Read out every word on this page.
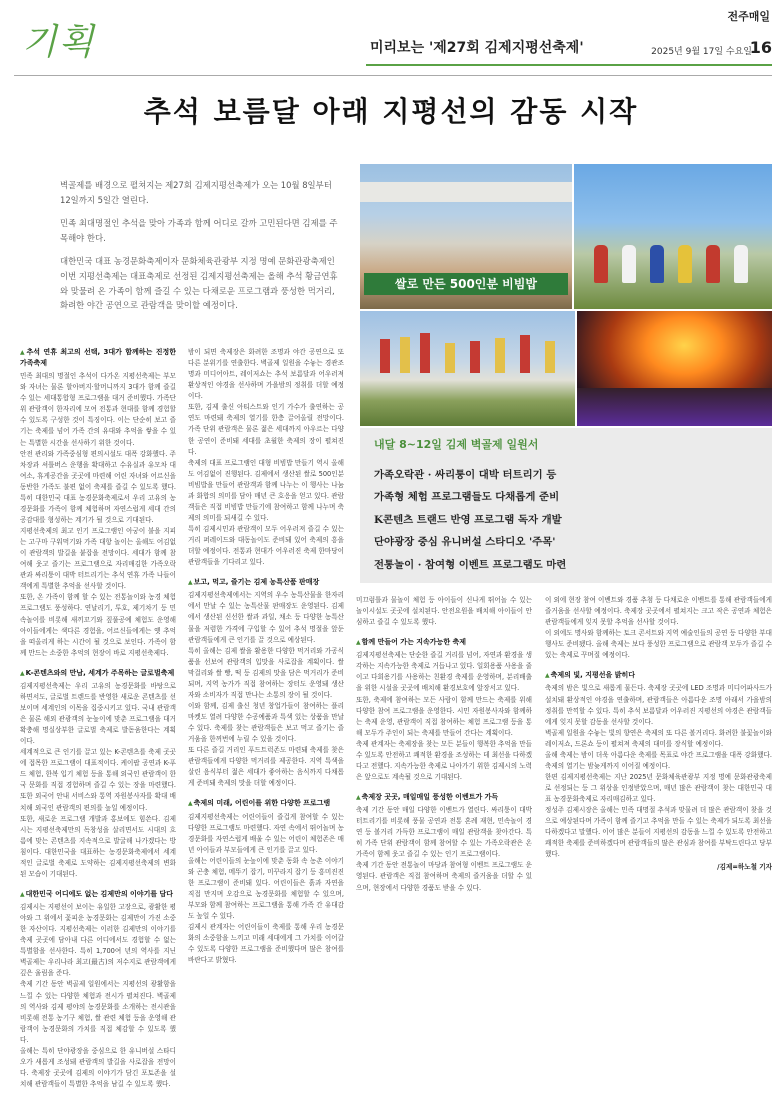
기획
전주매일
미리보는 '제27회 김제지평선축제'	2025년 9월 17일 수요일
16
추석 보름달 아래 지평선의 감동 시작

벽골제를 배경으로 펼쳐지는 제27회 김제지평선축제가 오는 10월 8일부터 12일까지 5일간 열린다.

민족 최대명절인 추석을 맞아 가족과 함께 어디로 갈까 고민된다면 김제를 주목해야 한다.

대한민국 대표 농경문화축제이자 문화체육관광부 지정 명예 문화관광축제인 이번 지평선축제는 대표축제로 선정된 김제지평선축제는 올해 추석 황금연휴와 맞물려 온 가족이 함께 즐길 수 있는 다채로운 프로그램과 풍성한 먹거리, 화려한 야간 공연으로 관람객을 맞이할 예정이다.

쌀로 만든 500인분 비빔밥
내달 8~12일 김제 벽골제 일원서
가족오락관 · 싸리퉁이 대박 터트리기 등
가족형 체험 프로그램들도 다채롭게 준비
K콘텐츠 트랜드 반영 프로그램 독자 개발
단야광장 중심 유니버설 스타디오 '주목'
전통놀이 · 참여형 이벤트 프로그램도 마련
▲ 추석 연휴 최고의 선택, 3대가 함께하는 진정한 가족축제
민족 최대의 명절인 추석이 다가온 지평선축제는 부모와 자녀는 물론 할아버지·할머니까지 3대가 함께 즐길 수 있는 세대통합형 프로그램을 대거 준비했다. 가족단위 관람객이 한자리에 모여 전통과 현대를 함께 경험할 수 있도록 구성한 것이 특징이다. 이는 단순히 보고 즐기는 축제를 넘어 가족 간의 유대와 추억을 쌓을 수 있는 특별한 시간을 선사하기 위한 것이다.
안전 관리와 가족중심형 편의시설도 대폭 강화했다. 주차장과 셔틀버스 운행을 확대하고 수유실과 유모차 대여소, 휴게공간을 곳곳에 마련해 어린 자녀와 어르신을 동반한 가족도 불편 없이 축제를 즐길 수 있도록 했다. 특히 대한민국 대표 농경문화축제로서 우리 고유의 농경문화를 가족이 함께 체험하며 자연스럽게 세대 간의 공감대를 형성하는 계기가 될 것으로 기대된다.
지평선축제의 최고 인기 프로그램인 아궁이 불을 지피는 고구마 구워먹기와 가족 대항 놀이는 올해도 어김없이 관람객의 발길을 붙잡을 전망이다. 세대가 함께 참여해 웃고 즐기는 프로그램으로 자리매김한 가족오락관과 싸리퉁이 대박 터트리기는 추석 연휴 가족 나들이객에게 특별한 추억을 선사할 것이다.
또한, 온 가족이 함께 할 수 있는 전통놀이와 농경 체험 프로그램도 풍성하다. 연날리기, 투호, 제기차기 등 민속놀이를 비롯해 새끼꼬기와 짚풀공예 체험도 운영해 아이들에게는 색다른 경험을, 어르신들에게는 옛 추억을 떠올리게 하는 시간이 될 것으로 보인다. 가족이 함께 만드는 소중한 추억의 현장이 바로 지평선축제다.
▲ K-콘텐츠와의 만남, 세계가 주목하는 글로벌축제
김제지평선축제는 우리 고유의 농경문화를 바탕으로 하면서도, 글로벌 트렌드를 반영한 새로운 콘텐츠를 선보이며 세계인의 이목을 집중시키고 있다. 국내 관람객은 물론 해외 관광객의 눈높이에 맞춘 프로그램을 대거 확충해 명실상부한 글로벌 축제로 발돋움한다는 계획이다.
세계적으로 큰 인기를 끌고 있는 K-콘텐츠를 축제 곳곳에 접목한 프로그램이 대표적이다. 케이팝 공연과 K-푸드 체험, 한복 입기 체험 등을 통해 외국인 관람객이 한국 문화를 직접 경험하며 즐길 수 있는 장을 마련했다. 또한 외국어 안내 서비스와 통역 자원봉사자를 확대 배치해 외국인 관람객의 편의를 높일 예정이다.
또한, 새로운 프로그램 개발과 홍보에도 힘쓴다. 김제시는 지평선축제만의 독창성을 살리면서도 시대의 흐름에 맞는 콘텐츠를 지속적으로 발굴해 나가겠다는 방침이다. 대한민국을 대표하는 농경문화축제에서 세계적인 글로벌 축제로 도약하는 김제지평선축제의 변화된 모습이 기대된다.
▲ 대한민국 어디에도 없는 김제만의 이야기를 담다
김제시는 지평선이 보이는 유일한 고장으로, 광활한 평야와 그 위에서 꽃피운 농경문화는 김제만이 가진 소중한 자산이다. 지평선축제는 이러한 김제만의 이야기를 축제 곳곳에 담아내 다른 어디에서도 경험할 수 없는 특별함을 선사한다. 특히 1,700여 년의 역사를 지닌 벽골제는 우리나라 최고(最古)의 저수지로 관람객에게 깊은 울림을 준다.
축제 기간 동안 벽골제 일원에서는 지평선의 광활함을 느낄 수 있는 다양한 체험과 전시가 펼쳐진다. 벽골제의 역사와 김제 평야의 농경문화를 소개하는 전시관을 비롯해 전통 농기구 체험, 쌀 관련 체험 등을 운영해 관람객이 농경문화의 가치를 직접 체감할 수 있도록 했다.
올해는 특히 단야광장을 중심으로 한 유니버설 스타디오가 새롭게 조성돼 관람객의 발길을 사로잡을 전망이다. 축제장 곳곳에 김제의 이야기가 담긴 포토존을 설치해 관람객들이 특별한 추억을 남길 수 있도록 했다.
밤이 되면 축제장은 화려한 조명과 야간 공연으로 또 다른 분위기를 연출한다. 벽골제 일원을 수놓는 경관조명과 미디어아트, 레이저쇼는 추석 보름달과 어우러져 환상적인 야경을 선사하며 가을밤의 정취를 더할 예정이다.
또한, 김제 출신 아티스트와 인기 가수가 출연하는 공연도 마련돼 축제의 열기를 한층 끌어올릴 전망이다. 가족 단위 관람객은 물론 젊은 세대까지 아우르는 다양한 공연이 준비돼 세대를 초월한 축제의 장이 펼쳐진다.
축제의 대표 프로그램인 대형 비빔밥 만들기 역시 올해도 어김없이 진행된다. 김제에서 생산된 쌀로 500인분 비빔밥을 만들어 관람객과 함께 나누는 이 행사는 나눔과 화합의 의미를 담아 매년 큰 호응을 얻고 있다. 관람객들은 직접 비빔밥 만들기에 참여하고 함께 나누며 축제의 의미를 되새길 수 있다.
특히 김제시민과 관람객이 모두 어우러져 즐길 수 있는 거리 퍼레이드와 대동놀이도 준비돼 있어 축제의 흥을 더할 예정이다. 전통과 현대가 어우러진 축제 한마당이 관람객들을 기다리고 있다.
▲ 보고, 먹고, 즐기는 김제 농특산품 판매장
김제지평선축제에서는 지역의 우수 농특산물을 한자리에서 만날 수 있는 농특산물 판매장도 운영된다. 김제에서 생산된 신선한 쌀과 과일, 채소 등 다양한 농특산물을 저렴한 가격에 구입할 수 있어 추석 명절을 앞둔 관람객들에게 큰 인기를 끌 것으로 예상된다.
특히 올해는 김제 쌀을 활용한 다양한 먹거리와 가공식품을 선보여 관람객의 입맛을 사로잡을 계획이다. 쌀 막걸리와 쌀 빵, 떡 등 김제의 맛을 담은 먹거리가 준비되며, 지역 농가가 직접 참여하는 장터도 운영돼 생산자와 소비자가 직접 만나는 소통의 장이 될 것이다.
이와 함께, 김제 출신 청년 창업가들이 참여하는 플리마켓도 열려 다양한 수공예품과 특색 있는 상품을 만날 수 있다. 축제를 찾는 관람객들은 보고 먹고 즐기는 즐거움을 한꺼번에 누릴 수 있을 것이다.
또 다른 즐길 거리인 푸드트럭존도 마련돼 축제를 찾은 관람객들에게 다양한 먹거리를 제공한다. 지역 특색을 살린 음식부터 젊은 세대가 좋아하는 음식까지 다채롭게 준비돼 축제의 맛을 더할 예정이다.
▲ 축제의 미래, 어린이를 위한 다양한 프로그램
김제지평선축제는 어린이들이 즐겁게 참여할 수 있는 다양한 프로그램도 마련했다. 자연 속에서 뛰어놀며 농경문화를 자연스럽게 배울 수 있는 어린이 체험존은 매년 아이들과 부모들에게 큰 인기를 끌고 있다.
올해는 어린이들의 눈높이에 맞춘 동화 속 농촌 이야기와 곤충 체험, 메뚜기 잡기, 미꾸라지 잡기 등 흥미진진한 프로그램이 준비돼 있다. 어린이들은 흙과 자연을 직접 만지며 오감으로 농경문화를 체험할 수 있으며, 부모와 함께 참여하는 프로그램을 통해 가족 간 유대감도 높일 수 있다.
김제시 관계자는 어린이들이 축제를 통해 우리 농경문화의 소중함을 느끼고 미래 세대에게 그 가치를 이어갈 수 있도록 다양한 프로그램을 준비했다며 많은 참여를 바란다고 밝혔다.
미끄럼틀과 물놀이 체험 등 아이들이 신나게 뛰어놀 수 있는 놀이시설도 곳곳에 설치된다. 안전요원을 배치해 아이들이 안심하고 즐길 수 있도록 했다.
▲ 함께 만들어 가는 지속가능한 축제
김제지평선축제는 단순한 즐길 거리를 넘어, 자연과 환경을 생각하는 지속가능한 축제로 거듭나고 있다. 일회용품 사용을 줄이고 다회용기를 사용하는 친환경 축제를 운영하며, 분리배출을 위한 시설을 곳곳에 배치해 환경보호에 앞장서고 있다.
또한, 축제에 참여하는 모든 사람이 함께 만드는 축제를 위해 다양한 참여 프로그램을 운영한다. 시민 자원봉사자와 함께하는 축제 운영, 관람객이 직접 참여하는 체험 프로그램 등을 통해 모두가 주인이 되는 축제를 만들어 간다는 계획이다.
축제 관계자는 축제장을 찾는 모든 분들이 행복한 추억을 만들 수 있도록 안전하고 쾌적한 환경을 조성하는 데 최선을 다하겠다고 전했다. 지속가능한 축제로 나아가기 위한 김제시의 노력은 앞으로도 계속될 것으로 기대된다.
▲ 축제장 곳곳, 매일매일 풍성한 이벤트가 가득
축제 기간 동안 매일 다양한 이벤트가 열린다. 싸리퉁이 대박 터트리기를 비롯해 풍물 공연과 전통 혼례 재현, 민속놀이 경연 등 볼거리 가득한 프로그램이 매일 관람객을 찾아간다. 특히 가족 단위 관람객이 함께 참여할 수 있는 가족오락관은 온 가족이 함께 웃고 즐길 수 있는 인기 프로그램이다.
축제 기간 동안 전통놀이 마당과 참여형 이벤트 프로그램도 운영된다. 관람객은 직접 참여하며 축제의 즐거움을 더할 수 있으며, 현장에서 다양한 경품도 받을 수 있다.
이 외에 현장 참여 이벤트와 경품 추첨 등 다채로운 이벤트를 통해 관람객들에게 즐거움을 선사할 예정이다. 축제장 곳곳에서 펼쳐지는 크고 작은 공연과 체험은 관람객들에게 잊지 못할 추억을 선사할 것이다.
이 외에도 명사와 함께하는 토크 콘서트와 지역 예술인들의 공연 등 다양한 부대 행사도 준비됐다. 올해 축제는 보다 풍성한 프로그램으로 관람객 모두가 즐길 수 있는 축제로 꾸며질 예정이다.
▲ 축제의 빛, 지평선을 밝히다
축제의 밤은 빛으로 새롭게 물든다. 축제장 곳곳에 LED 조명과 미디어파사드가 설치돼 환상적인 야경을 연출하며, 관람객들은 아름다운 조명 아래서 가을밤의 정취를 만끽할 수 있다. 특히 추석 보름달과 어우러진 지평선의 야경은 관람객들에게 잊지 못할 감동을 선사할 것이다.
벽골제 일원을 수놓는 빛의 향연은 축제의 또 다른 볼거리다. 화려한 불꽃놀이와 레이저쇼, 드론쇼 등이 펼쳐져 축제의 대미를 장식할 예정이다.
올해 축제는 밤이 더욱 아름다운 축제를 목표로 야간 프로그램을 대폭 강화했다. 축제의 열기는 밤늦게까지 이어질 예정이다.
한편 김제지평선축제는 지난 2025년 문화체육관광부 지정 명예 문화관광축제로 선정되는 등 그 위상을 인정받았으며, 매년 많은 관람객이 찾는 대한민국 대표 농경문화축제로 자리매김하고 있다.
정성주 김제시장은 올해는 민족 대명절 추석과 맞물려 더 많은 관람객이 찾을 것으로 예상된다며 가족이 함께 즐기고 추억을 만들 수 있는 축제가 되도록 최선을 다하겠다고 말했다. 이어 많은 분들이 지평선의 감동을 느낄 수 있도록 안전하고 쾌적한 축제를 준비하겠다며 관람객들의 많은 관심과 참여를 부탁드린다고 당부했다.
/김제=하노철 기자
